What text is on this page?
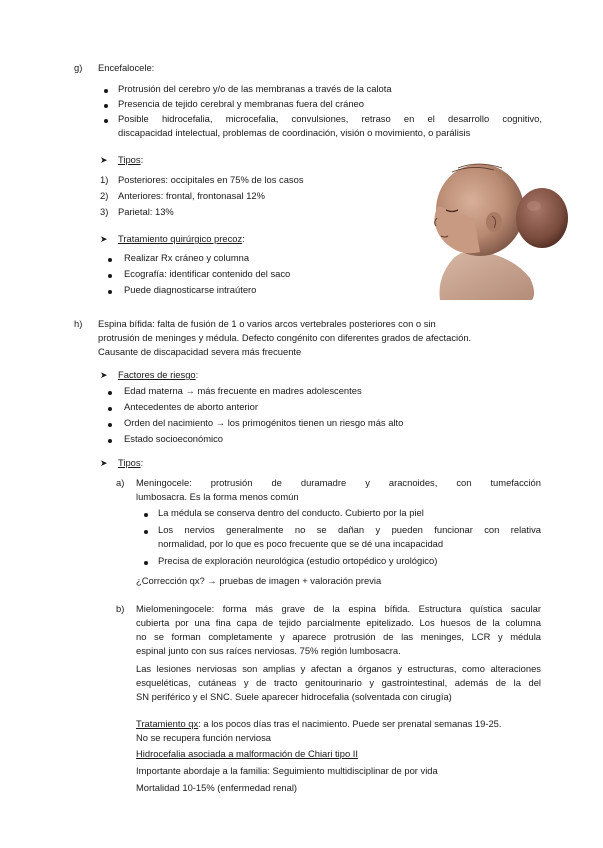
g) Encefalocele:
Protrusión del cerebro y/o de las membranas a través de la calota
Presencia de tejido cerebral y membranas fuera del cráneo
Posible hidrocefalia, microcefalia, convulsiones, retraso en el desarrollo cognitivo,
discapacidad intelectual, problemas de coordinación, visión o movimiento, o parálisis
➤ Tipos:
1) Posteriores: occipitales en 75% de los casos
2) Anteriores: frontal, frontonasal 12%
3) Parietal: 13%
➤ Tratamiento quirúrgico precoz:
Realizar Rx cráneo y columna
Ecografía: identificar contenido del saco
Puede diagnosticarse intraútero
h) Espina bífida: falta de fusión de 1 o varios arcos vertebrales posteriores con o sin
protrusión de meninges y médula. Defecto congénito con diferentes grados de afectación.
Causante de discapacidad severa más frecuente
➤ Factores de riesgo:
Edad materna → más frecuente en madres adolescentes
Antecedentes de aborto anterior
Orden del nacimiento → los primogénitos tienen un riesgo más alto
Estado socioeconómico
➤ Tipos:
a) Meningocele: protrusión de duramadre y aracnoides, con tumefacción
lumbosacra. Es la forma menos común
La médula se conserva dentro del conducto. Cubierto por la piel
Los nervios generalmente no se dañan y pueden funcionar con relativa
normalidad, por lo que es poco frecuente que se dé una incapacidad
Precisa de exploración neurológica (estudio ortopédico y urológico)
¿Corrección qx? → pruebas de imagen + valoración previa
b) Mielomeningocele: forma más grave de la espina bífida. Estructura quística sacular
cubierta por una fina capa de tejido parcialmente epitelizado. Los huesos de la columna
no se forman completamente y aparece protrusión de las meninges, LCR y médula
espinal junto con sus raíces nerviosas. 75% región lumbosacra.
Las lesiones nerviosas son amplias y afectan a órganos y estructuras, como alteraciones
esqueléticas, cutáneas y de tracto genitourinario y gastrointestinal, además de la del
SN periférico y el SNC. Suele aparecer hidrocefalia (solventada con cirugía)
Tratamiento qx: a los pocos días tras el nacimiento. Puede ser prenatal semanas 19-25.
No se recupera función nerviosa
Hidrocefalia asociada a malformación de Chiari tipo II
Importante abordaje a la familia: Seguimiento multidisciplinar de por vida
Mortalidad 10-15% (enfermedad renal)
